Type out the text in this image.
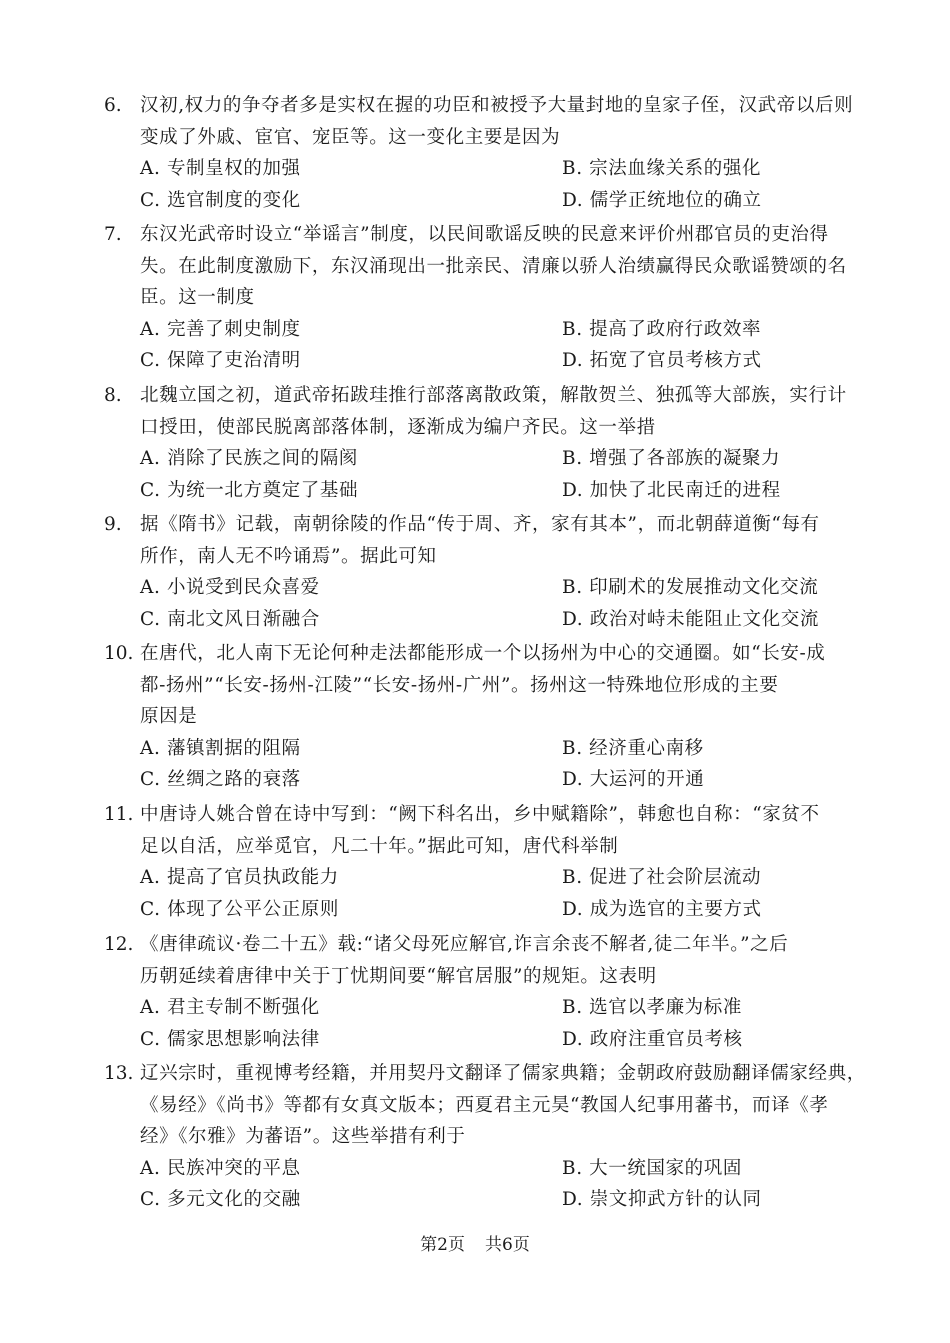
6. 汉初,权力的争夺者多是实权在握的功臣和被授予大量封地的皇家子侄，汉武帝以后则
变成了外戚、宦官、宠臣等。这一变化主要是因为
A. 专制皇权的加强	B. 宗法血缘关系的强化
C. 选官制度的变化	D. 儒学正统地位的确立
7. 东汉光武帝时设立“举谣言”制度，以民间歌谣反映的民意来评价州郡官员的吏治得
失。在此制度激励下，东汉涌现出一批亲民、清廉以骄人治绩赢得民众歌谣赞颂的名
臣。这一制度
A. 完善了刺史制度	B. 提高了政府行政效率
C. 保障了吏治清明	D. 拓宽了官员考核方式
8. 北魏立国之初，道武帝拓跋珪推行部落离散政策，解散贺兰、独孤等大部族，实行计
口授田，使部民脱离部落体制，逐渐成为编户齐民。这一举措
A. 消除了民族之间的隔阂	B. 增强了各部族的凝聚力
C. 为统一北方奠定了基础	D. 加快了北民南迁的进程
9. 据《隋书》记载，南朝徐陵的作品“传于周、齐，家有其本”，而北朝薛道衡“每有
所作，南人无不吟诵焉”。据此可知
A. 小说受到民众喜爱	B. 印刷术的发展推动文化交流
C. 南北文风日渐融合	D. 政治对峙未能阻止文化交流
10. 在唐代，北人南下无论何种走法都能形成一个以扬州为中心的交通圈。如“长安-成
都-扬州”“长安-扬州-江陵”“长安-扬州-广州”。扬州这一特殊地位形成的主要
原因是
A. 藩镇割据的阻隔	B. 经济重心南移
C. 丝绸之路的衰落	D. 大运河的开通
11. 中唐诗人姚合曾在诗中写到：“阙下科名出，乡中赋籍除”，韩愈也自称：“家贫不
足以自活，应举觅官，凡二十年。”据此可知，唐代科举制
A. 提高了官员执政能力	B. 促进了社会阶层流动
C. 体现了公平公正原则	D. 成为选官的主要方式
12. 《唐律疏议·卷二十五》载:“诸父母死应解官,诈言余丧不解者,徒二年半。”之后
历朝延续着唐律中关于丁忧期间要“解官居服”的规矩。这表明
A. 君主专制不断强化	B. 选官以孝廉为标准
C. 儒家思想影响法律	D. 政府注重官员考核
13. 辽兴宗时，重视博考经籍，并用契丹文翻译了儒家典籍；金朝政府鼓励翻译儒家经典，
《易经》《尚书》等都有女真文版本；西夏君主元昊“教国人纪事用蕃书，而译《孝
经》《尔雅》为蕃语”。这些举措有利于
A. 民族冲突的平息	B. 大一统国家的巩固
C. 多元文化的交融	D. 崇文抑武方针的认同
第2页 共6页
